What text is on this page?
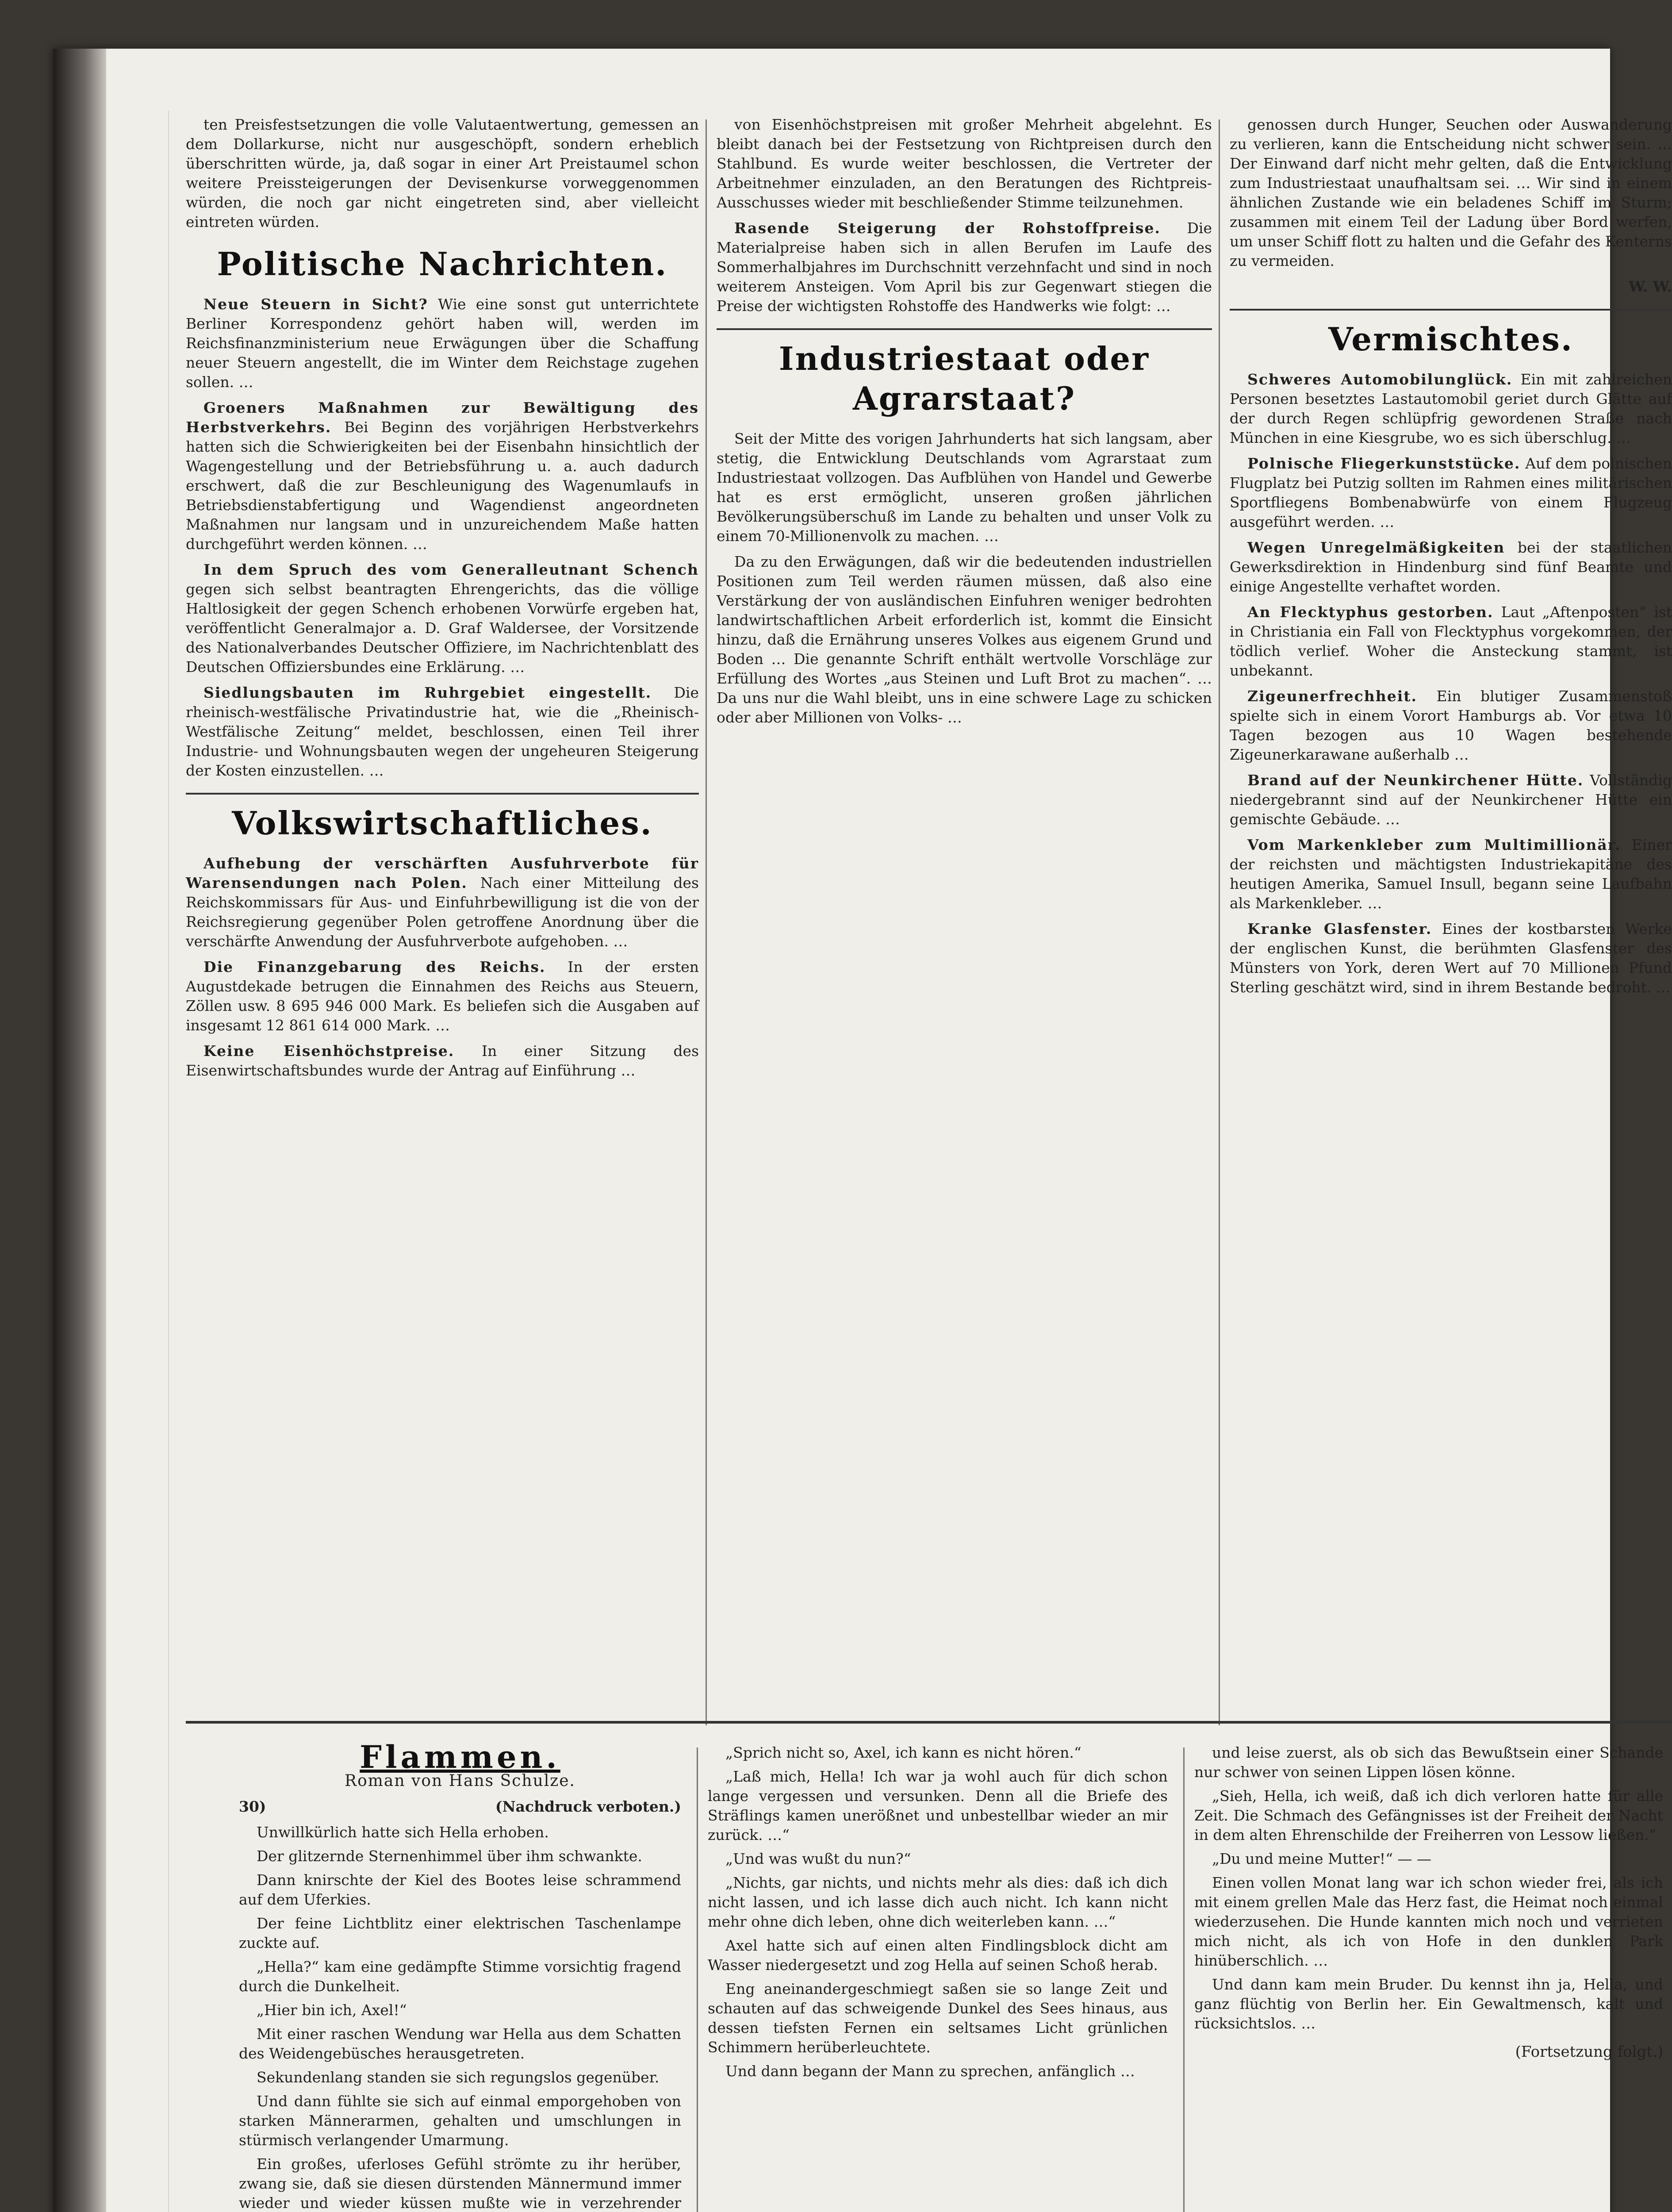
ten Preisfestsetzungen die volle Valutaentwertung, gemessen an dem Dollarkurse, nicht nur ausgeschöpft, sondern erheblich überschritten würde, ja, daß sogar in einer Art Preistaumel schon weitere Preissteigerungen der Devisenkurse vorweggenommen würden, die noch gar nicht eingetreten sind, aber vielleicht eintreten würden.

Politische Nachrichten.

Neue Steuern in Sicht? Wie eine sonst gut unterrichtete Berliner Korrespondenz gehört haben will, werden im Reichsfinanzministerium neue Erwägungen über die Schaffung neuer Steuern angestellt, die im Winter dem Reichstage zugehen sollen. …

Groeners Maßnahmen zur Bewältigung des Herbstverkehrs. Bei Beginn des vorjährigen Herbstverkehrs hatten sich die Schwierigkeiten bei der Eisenbahn hinsichtlich der Wagengestellung und der Betriebsführung u. a. auch dadurch erschwert, daß die zur Beschleunigung des Wagenumlaufs in Betriebsdienstabfertigung und Wagendienst angeordneten Maßnahmen nur langsam und in unzureichendem Maße hatten durchgeführt werden können. …

In dem Spruch des vom Generalleutnant Schench gegen sich selbst beantragten Ehrengerichts, das die völlige Haltlosigkeit der gegen Schench erhobenen Vorwürfe ergeben hat, veröffentlicht Generalmajor a. D. Graf Waldersee, der Vorsitzende des Nationalverbandes Deutscher Offiziere, im Nachrichtenblatt des Deutschen Offiziersbundes eine Erklärung. …

Siedlungsbauten im Ruhrgebiet eingestellt. Die rheinisch-westfälische Privatindustrie hat, wie die „Rheinisch-Westfälische Zeitung“ meldet, beschlossen, einen Teil ihrer Industrie- und Wohnungsbauten wegen der ungeheuren Steigerung der Kosten einzustellen. …

Volkswirtschaftliches.

Aufhebung der verschärften Ausfuhrverbote für Warensendungen nach Polen. Nach einer Mitteilung des Reichskommissars für Aus- und Einfuhrbewilligung ist die von der Reichsregierung gegenüber Polen getroffene Anordnung über die verschärfte Anwendung der Ausfuhrverbote aufgehoben. …

Die Finanzgebarung des Reichs. In der ersten Augustdekade betrugen die Einnahmen des Reichs aus Steuern, Zöllen usw. 8 695 946 000 Mark. Es beliefen sich die Ausgaben auf insgesamt 12 861 614 000 Mark. …

Keine Eisenhöchstpreise. In einer Sitzung des Eisenwirtschaftsbundes wurde der Antrag auf Einführung …

von Eisenhöchstpreisen mit großer Mehrheit abgelehnt. Es bleibt danach bei der Festsetzung von Richtpreisen durch den Stahlbund. Es wurde weiter beschlossen, die Vertreter der Arbeitnehmer einzuladen, an den Beratungen des Richtpreis-Ausschusses wieder mit beschließender Stimme teilzunehmen.

Rasende Steigerung der Rohstoffpreise. Die Materialpreise haben sich in allen Berufen im Laufe des Sommerhalbjahres im Durchschnitt verzehnfacht und sind in noch weiterem Ansteigen. Vom April bis zur Gegenwart stiegen die Preise der wichtigsten Rohstoffe des Handwerks wie folgt: …

Industriestaat oder Agrarstaat?

Seit der Mitte des vorigen Jahrhunderts hat sich langsam, aber stetig, die Entwicklung Deutschlands vom Agrarstaat zum Industriestaat vollzogen. Das Aufblühen von Handel und Gewerbe hat es erst ermöglicht, unseren großen jährlichen Bevölkerungsüberschuß im Lande zu behalten und unser Volk zu einem 70-Millionenvolk zu machen. …

Da zu den Erwägungen, daß wir die bedeutenden industriellen Positionen zum Teil werden räumen müssen, daß also eine Verstärkung der von ausländischen Einfuhren weniger bedrohten landwirtschaftlichen Arbeit erforderlich ist, kommt die Einsicht hinzu, daß die Ernährung unseres Volkes aus eigenem Grund und Boden … Die genannte Schrift enthält wertvolle Vorschläge zur Erfüllung des Wortes „aus Steinen und Luft Brot zu machen“. … Da uns nur die Wahl bleibt, uns in eine schwere Lage zu schicken oder aber Millionen von Volks- …

genossen durch Hunger, Seuchen oder Auswanderung zu verlieren, kann die Entscheidung nicht schwer sein. … Der Einwand darf nicht mehr gelten, daß die Entwicklung zum Industriestaat unaufhaltsam sei. … Wir sind in einem ähnlichen Zustande wie ein beladenes Schiff im Sturm; zusammen mit einem Teil der Ladung über Bord werfen, um unser Schiff flott zu halten und die Gefahr des Kenterns zu vermeiden.

W. W.

Vermischtes.

Schweres Automobilunglück. Ein mit zahlreichen Personen besetztes Lastautomobil geriet durch Glätte auf der durch Regen schlüpfrig gewordenen Straße nach München in eine Kiesgrube, wo es sich überschlug. …

Polnische Fliegerkunststücke. Auf dem polnischen Flugplatz bei Putzig sollten im Rahmen eines militärischen Sportfliegens Bombenabwürfe von einem Flugzeug ausgeführt werden. …

Wegen Unregelmäßigkeiten bei der staatlichen Gewerksdirektion in Hindenburg sind fünf Beamte und einige Angestellte verhaftet worden.

An Flecktyphus gestorben. Laut „Aftenposten“ ist in Christiania ein Fall von Flecktyphus vorgekommen, der tödlich verlief. Woher die Ansteckung stammt, ist unbekannt.

Zigeunerfrechheit. Ein blutiger Zusammenstoß spielte sich in einem Vorort Hamburgs ab. Vor etwa 10 Tagen bezogen aus 10 Wagen bestehende Zigeunerkarawane außerhalb …

Brand auf der Neunkirchener Hütte. Vollständig niedergebrannt sind auf der Neunkirchener Hütte ein gemischte Gebäude. …

Vom Markenkleber zum Multimillionär. Einer der reichsten und mächtigsten Industriekapitäne des heutigen Amerika, Samuel Insull, begann seine Laufbahn als Markenkleber. …

Kranke Glasfenster. Eines der kostbarsten Werke der englischen Kunst, die berühmten Glasfenster des Münsters von York, deren Wert auf 70 Millionen Pfund Sterling geschätzt wird, sind in ihrem Bestande bedroht. …

Flammen.
Roman von Hans Schulze.
30)	(Nachdruck verboten.)

Unwillkürlich hatte sich Hella erhoben.

Der glitzernde Sternenhimmel über ihm schwankte.

Dann knirschte der Kiel des Bootes leise schrammend auf dem Uferkies.

Der feine Lichtblitz einer elektrischen Taschenlampe zuckte auf.

„Hella?“ kam eine gedämpfte Stimme vorsichtig fragend durch die Dunkelheit.

„Hier bin ich, Axel!“

Mit einer raschen Wendung war Hella aus dem Schatten des Weidengebüsches herausgetreten.

Sekundenlang standen sie sich regungslos gegenüber.

Und dann fühlte sie sich auf einmal emporgehoben von starken Männerarmen, gehalten und umschlungen in stürmisch verlangender Umarmung.

Ein großes, uferloses Gefühl strömte zu ihr herüber, zwang sie, daß sie diesen dürstenden Männermund immer wieder und wieder küssen mußte wie in verzehrender

„Sprich nicht so, Axel, ich kann es nicht hören.“

„Laß mich, Hella! Ich war ja wohl auch für dich schon lange vergessen und versunken. Denn all die Briefe des Sträflings kamen unerößnet und unbestellbar wieder an mir zurück. …“

„Und was wußt du nun?“

„Nichts, gar nichts, und nichts mehr als dies: daß ich dich nicht lassen, und ich lasse dich auch nicht. Ich kann nicht mehr ohne dich leben, ohne dich weiterleben kann. …“

Axel hatte sich auf einen alten Findlingsblock dicht am Wasser niedergesetzt und zog Hella auf seinen Schoß herab.

Eng aneinandergeschmiegt saßen sie so lange Zeit und schauten auf das schweigende Dunkel des Sees hinaus, aus dessen tiefsten Fernen ein seltsames Licht grünlichen Schimmern herüberleuchtete.

Und dann begann der Mann zu sprechen, anfänglich …

und leise zuerst, als ob sich das Bewußtsein einer Schande nur schwer von seinen Lippen lösen könne.

„Sieh, Hella, ich weiß, daß ich dich verloren hatte für alle Zeit. Die Schmach des Gefängnisses ist der Freiheit der Nacht in dem alten Ehrenschilde der Freiherren von Lessow ließen.“

„Du und meine Mutter!“ — —

Einen vollen Monat lang war ich schon wieder frei, als ich mit einem grellen Male das Herz fast, die Heimat noch einmal wiederzusehen. Die Hunde kannten mich noch und verrieten mich nicht, als ich von Hofe in den dunklen Park hinüberschlich. …

Und dann kam mein Bruder. Du kennst ihn ja, Hella, und ganz flüchtig von Berlin her. Ein Gewaltmensch, kalt und rücksichtslos. …

(Fortsetzung folgt.)
